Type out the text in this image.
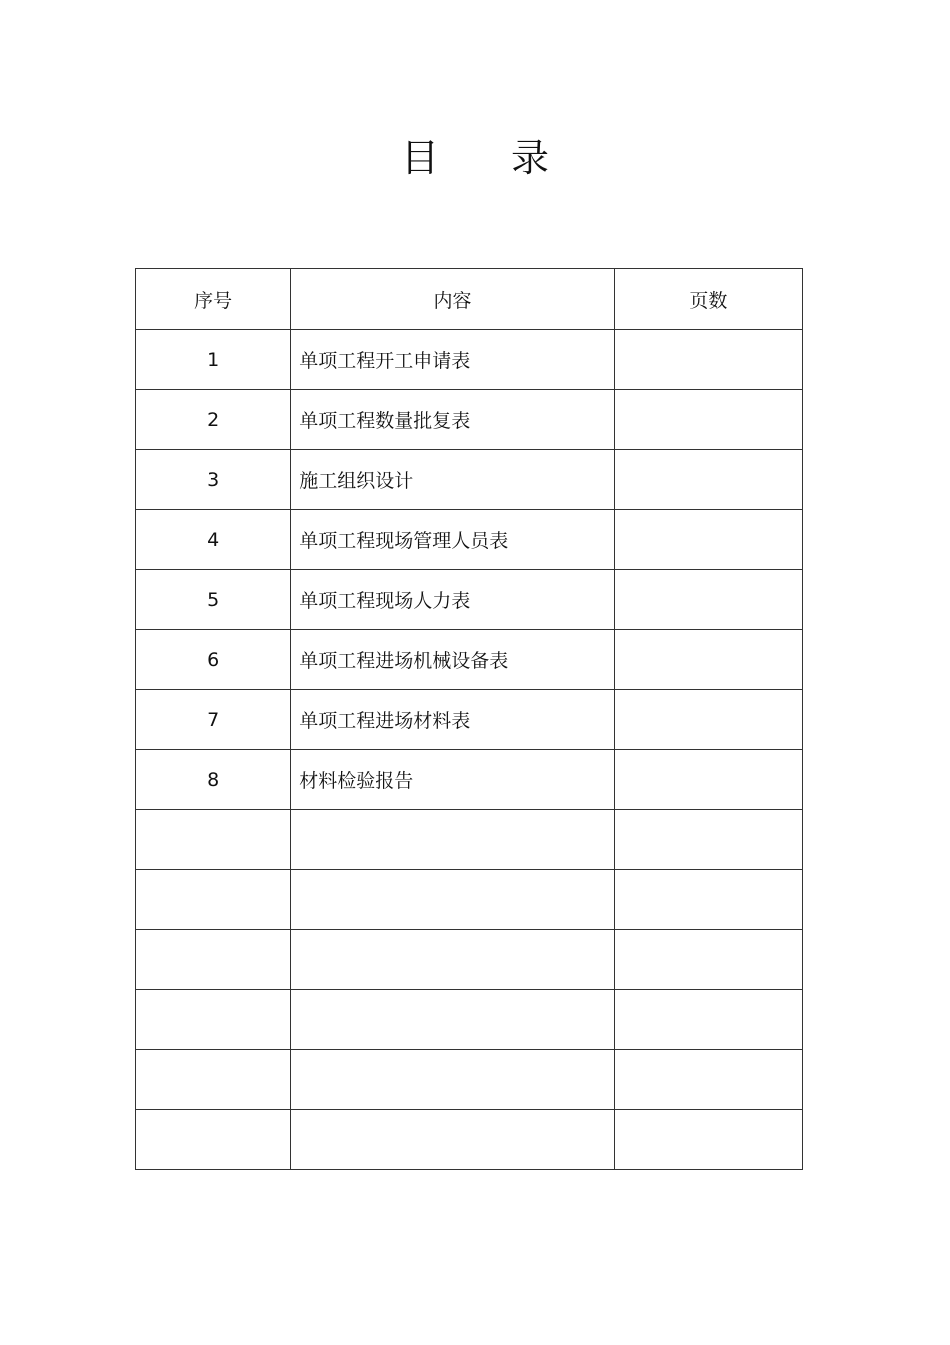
目 录
序号	内容	页数
1	单项工程开工申请表	
2	单项工程数量批复表	
3	施工组织设计	
4	单项工程现场管理人员表	
5	单项工程现场人力表	
6	单项工程进场机械设备表	
7	单项工程进场材料表	
8	材料检验报告	
